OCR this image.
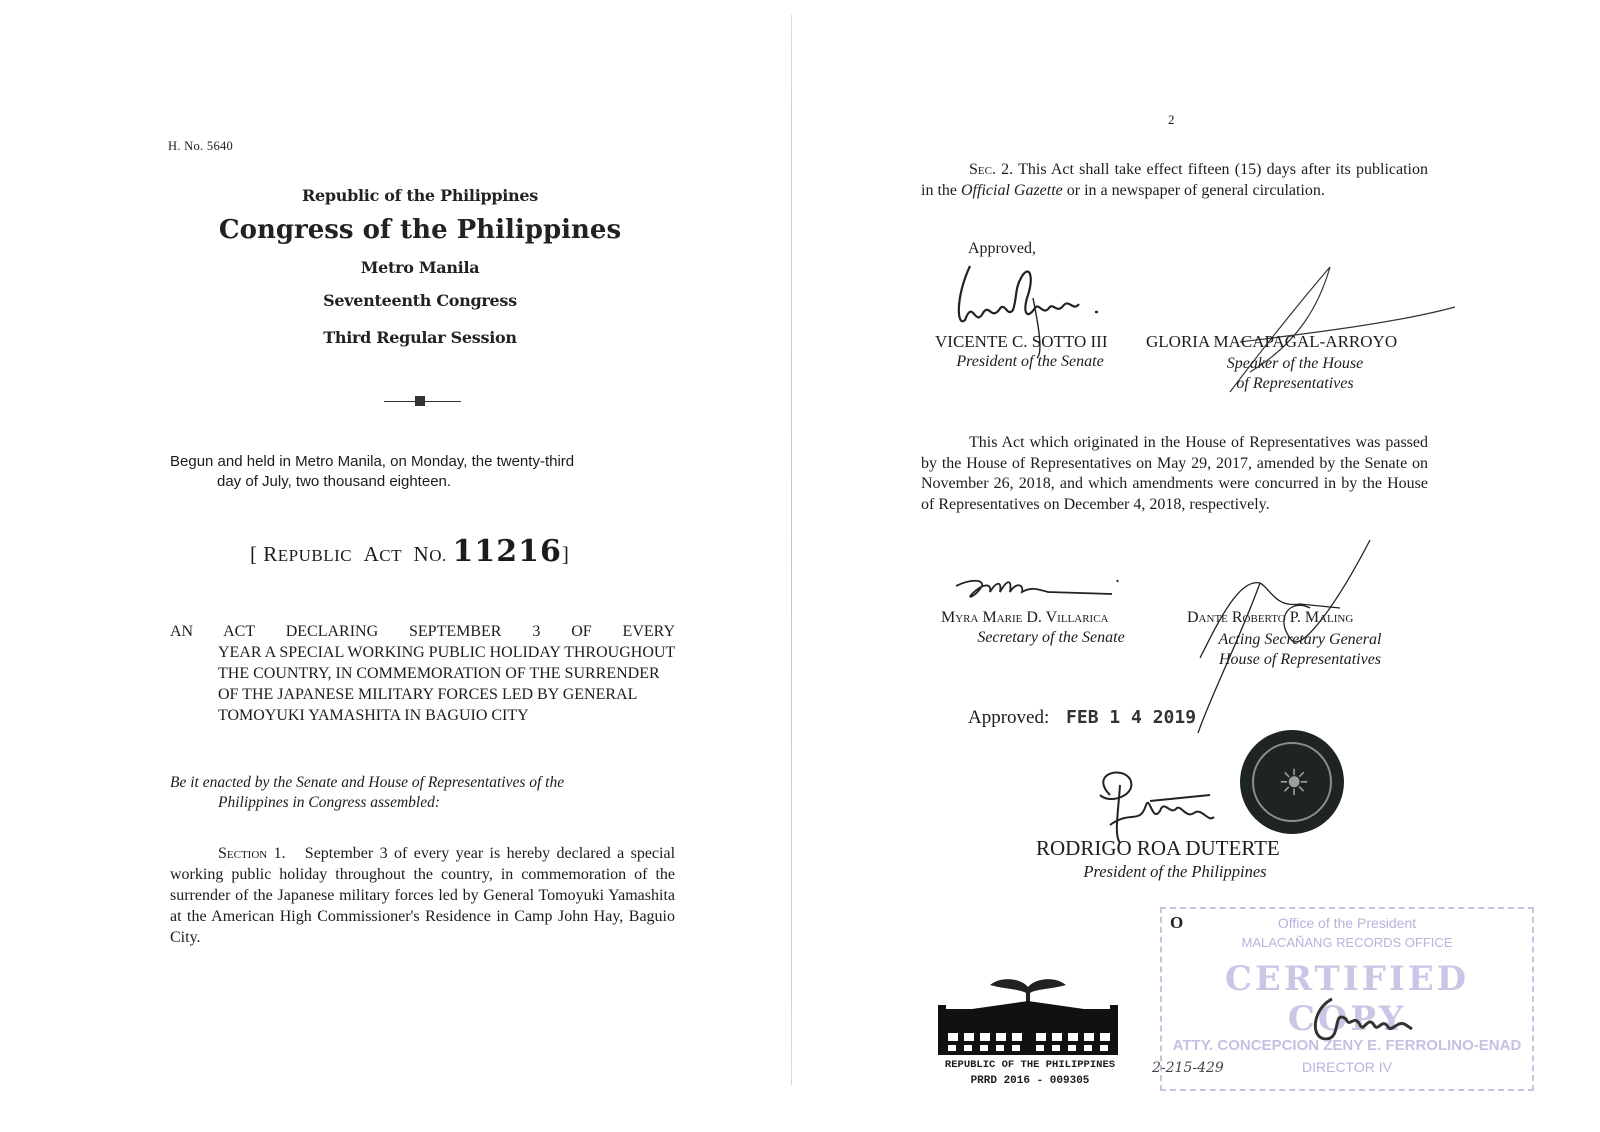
H. No. 5640
Republic of the Philippines
Congress of the Philippines
Metro Manila
Seventeenth Congress
Third Regular Session
Begun and held in Metro Manila, on Monday, the twenty-third
day of July, two thousand eighteen.
[ REPUBLIC ACT NO. 11216]
AN ACT DECLARING SEPTEMBER 3 OF EVERY
YEAR A SPECIAL WORKING PUBLIC HOLIDAY THROUGHOUT THE COUNTRY, IN COMMEMORATION OF THE SURRENDER OF THE JAPANESE MILITARY FORCES LED BY GENERAL TOMOYUKI YAMASHITA IN BAGUIO CITY
Be it enacted by the Senate and House of Representatives of the
Philippines in Congress assembled:
Section 1. September 3 of every year is hereby declared a special working public holiday throughout the country, in commemoration of the surrender of the Japanese military forces led by General Tomoyuki Yamashita at the American High Commissioner's Residence in Camp John Hay, Baguio City.
2
Sec. 2. This Act shall take effect fifteen (15) days after its publication in the Official Gazette or in a newspaper of general circulation.
Approved,
VICENTE C. SOTTO III
President of the Senate
GLORIA MACAPAGAL-ARROYO
Speaker of the House
of Representatives
This Act which originated in the House of Representatives was passed by the House of Representatives on May 29, 2017, amended by the Senate on November 26, 2018, and which amendments were concurred in by the House of Representatives on December 4, 2018, respectively.
Myra Marie D. Villarica
Secretary of the Senate
Dante Roberto P. Maling
Acting Secretary General
House of Representatives
Approved: FEB 1 4 2019
☀
RODRIGO ROA DUTERTE
President of the Philippines
REPUBLIC OF THE PHILIPPINES
PRRD 2016 - 009305
O	Office of the President
MALACAÑANG RECORDS OFFICE
CERTIFIED COPY
ATTY. CONCEPCION ZENY E. FERROLINO-ENAD
DIRECTOR IV
2-215-429
